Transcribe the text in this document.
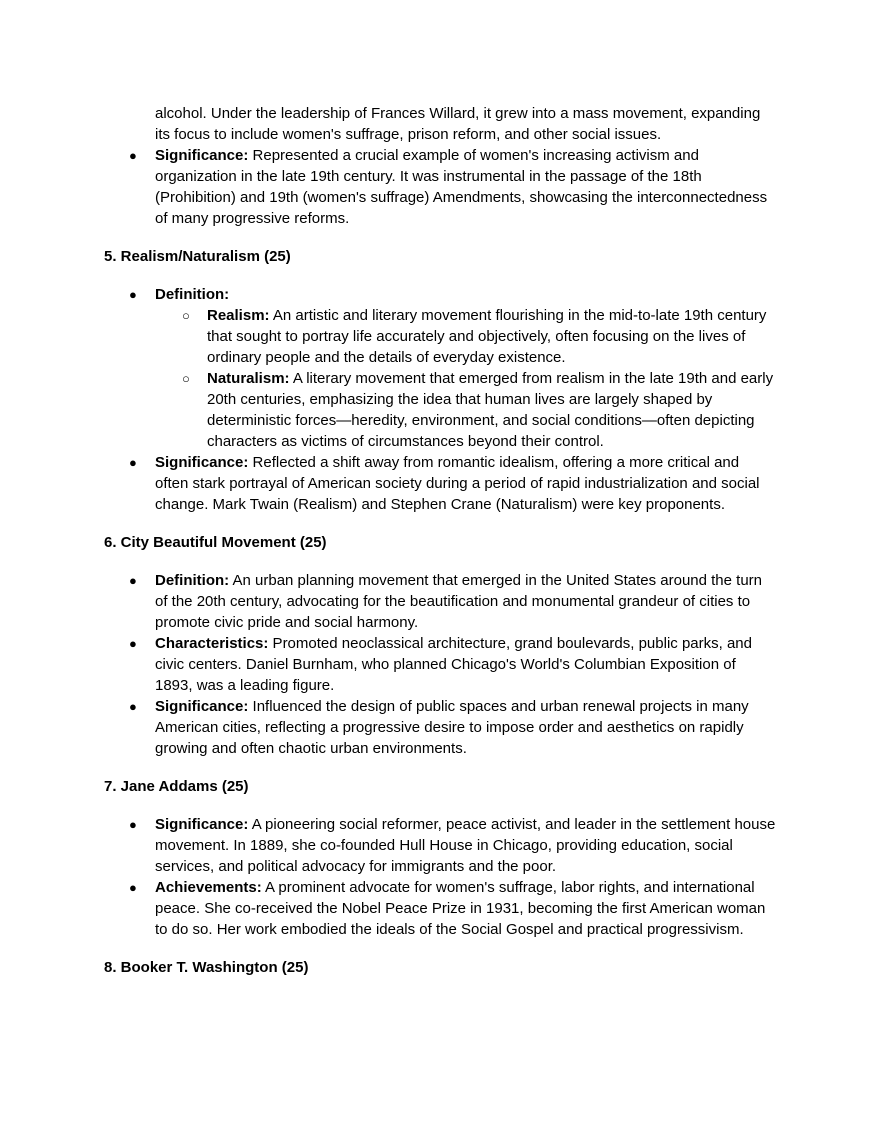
alcohol. Under the leadership of Frances Willard, it grew into a mass movement, expanding its focus to include women's suffrage, prison reform, and other social issues.
● Significance: Represented a crucial example of women's increasing activism and organization in the late 19th century. It was instrumental in the passage of the 18th (Prohibition) and 19th (women's suffrage) Amendments, showcasing the interconnectedness of many progressive reforms.
5. Realism/Naturalism (25)
● Definition:
○ Realism: An artistic and literary movement flourishing in the mid-to-late 19th century that sought to portray life accurately and objectively, often focusing on the lives of ordinary people and the details of everyday existence.
○ Naturalism: A literary movement that emerged from realism in the late 19th and early 20th centuries, emphasizing the idea that human lives are largely shaped by deterministic forces—heredity, environment, and social conditions—often depicting characters as victims of circumstances beyond their control.
● Significance: Reflected a shift away from romantic idealism, offering a more critical and often stark portrayal of American society during a period of rapid industrialization and social change. Mark Twain (Realism) and Stephen Crane (Naturalism) were key proponents.
6. City Beautiful Movement (25)
● Definition: An urban planning movement that emerged in the United States around the turn of the 20th century, advocating for the beautification and monumental grandeur of cities to promote civic pride and social harmony.
● Characteristics: Promoted neoclassical architecture, grand boulevards, public parks, and civic centers. Daniel Burnham, who planned Chicago's World's Columbian Exposition of 1893, was a leading figure.
● Significance: Influenced the design of public spaces and urban renewal projects in many American cities, reflecting a progressive desire to impose order and aesthetics on rapidly growing and often chaotic urban environments.
7. Jane Addams (25)
● Significance: A pioneering social reformer, peace activist, and leader in the settlement house movement. In 1889, she co-founded Hull House in Chicago, providing education, social services, and political advocacy for immigrants and the poor.
● Achievements: A prominent advocate for women's suffrage, labor rights, and international peace. She co-received the Nobel Peace Prize in 1931, becoming the first American woman to do so. Her work embodied the ideals of the Social Gospel and practical progressivism.
8. Booker T. Washington (25)
